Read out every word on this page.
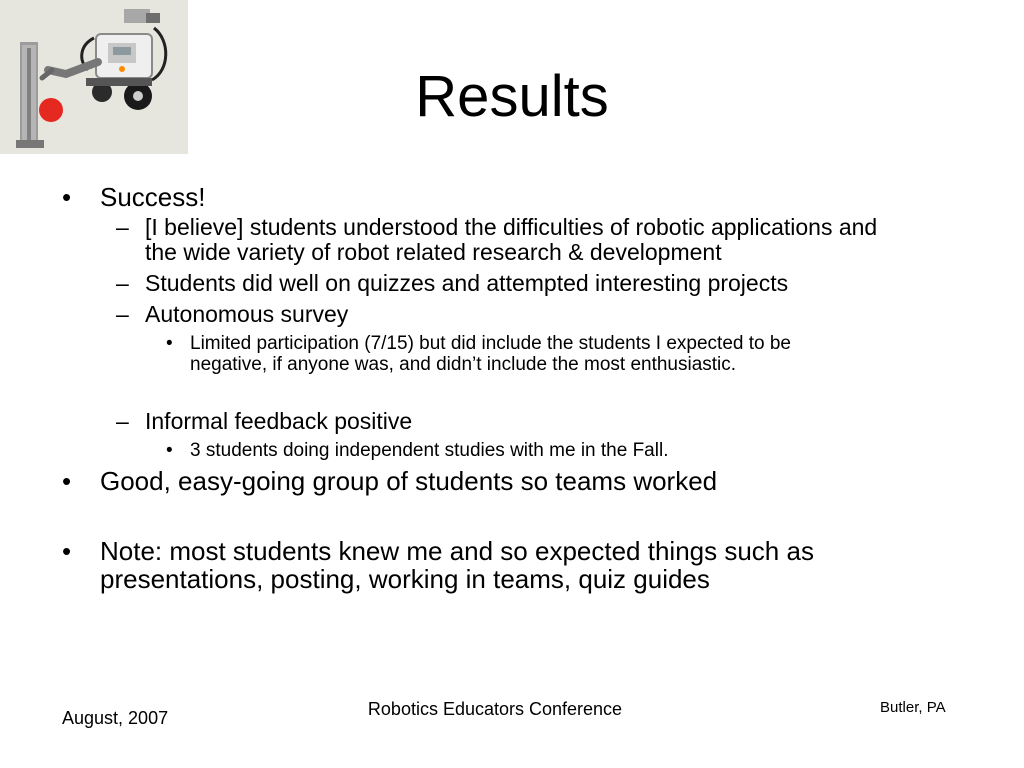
Results
• Success!
– [I believe] students understood the difficulties of robotic applications and
the wide variety of robot related research & development
– Students did well on quizzes and attempted interesting projects
– Autonomous survey
• Limited participation (7/15) but did include the students I expected to be
negative, if anyone was, and didn’t include the most enthusiastic.
– Informal feedback positive
• 3 students doing independent studies with me in the Fall.
• Good, easy-going group of students so teams worked
• Note: most students knew me and so expected things such as
presentations, posting, working in teams, quiz guides
August, 2007	Robotics Educators Conference	Butler, PA
